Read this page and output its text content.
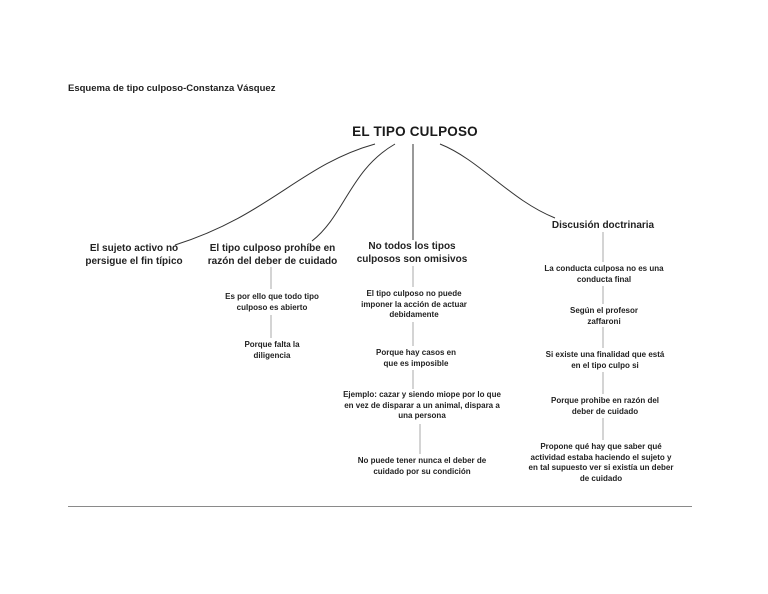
Esquema de tipo culposo-Constanza Vásquez
EL TIPO CULPOSO
El sujeto activo no persigue el fin típico
El tipo culposo prohíbe en razón del deber de cuidado
Es por ello que todo tipo culposo es abierto
Porque falta la diligencia
No todos los tipos culposos son omisivos
El tipo culposo no puede imponer la acción de actuar debidamente
Porque hay casos en que es imposible
Ejemplo: cazar y siendo miope por lo que en vez de disparar a un animal, dispara a una persona
No puede tener nunca el deber de cuidado por su condición
Discusión doctrinaria
La conducta culposa no es una conducta final
Según el profesor zaffaroni
Si existe una finalidad que está en el tipo culpo si
Porque prohibe en razón del deber de cuidado
Propone qué hay que saber qué actividad estaba haciendo el sujeto y en tal supuesto ver si existía un deber de cuidado
